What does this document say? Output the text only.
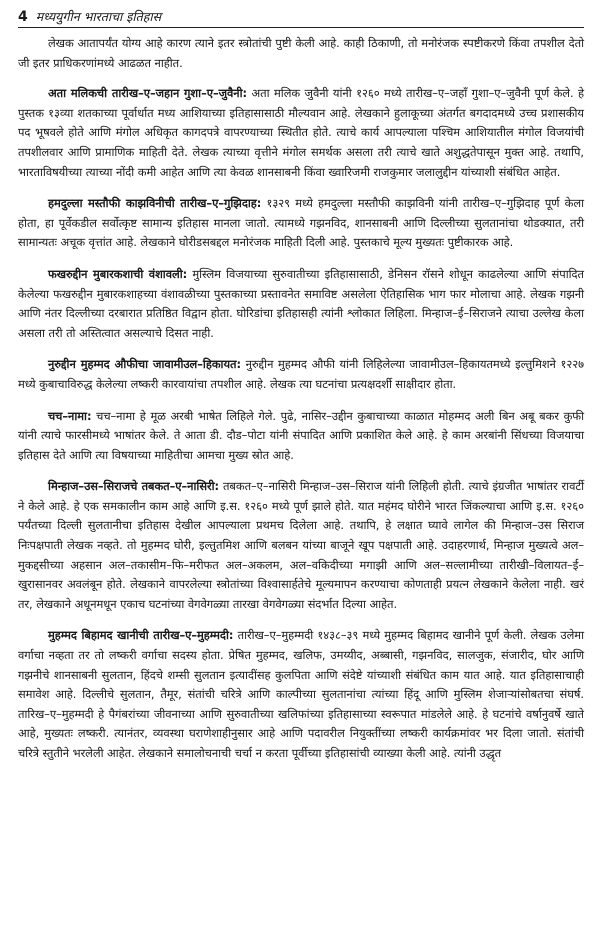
4 मध्ययुगीन भारताचा इतिहास

लेखक आतापर्यंत योग्य आहे कारण त्याने इतर स्त्रोतांची पुष्टी केली आहे. काही ठिकाणी, तो मनोरंजक स्पष्टीकरणे किंवा तपशील देतो जी इतर प्राधिकरणांमध्ये आढळत नाहीत.

अता मलिकची तारीख–ए–जहान गुशा–ए–जुवैनी: अता मलिक जुवैनी यांनी १२६० मध्ये तारीख–ए–जहाँ गुशा–ए–जुवैनी पूर्ण केले. हे पुस्तक १३व्या शतकाच्या पूर्वार्धात मध्य आशियाच्या इतिहासासाठी मौल्यवान आहे. लेखकाने हुलाकूच्या अंतर्गत बगदादमध्ये उच्च प्रशासकीय पद भूषवले होते आणि मंगोल अधिकृत कागदपत्रे वापरण्याच्या स्थितीत होते. त्याचे कार्य आपल्याला पश्चिम आशियातील मंगोल विजयांची तपशीलवार आणि प्रामाणिक माहिती देते. लेखक त्याच्या वृत्तीने मंगोल समर्थक असला तरी त्याचे खाते अशुद्धतेपासून मुक्त आहे. तथापि, भारताविषयीच्या त्याच्या नोंदी कमी आहेत आणि त्या केवळ शानसाबनी किंवा ख्वारिजमी राजकुमार जलालुद्दीन यांच्याशी संबंधित आहेत.

हमदुल्ला मस्तौफी काझविनीची तारीख–ए–गुझिदाह: १३२९ मध्ये हमदुल्ला मस्तौफी काझविनी यांनी तारीख–ए–गुझिदाह पूर्ण केला होता, हा पूर्वेकडील सर्वोत्कृष्ट सामान्य इतिहास मानला जातो. त्यामध्ये गझनविद, शानसाबनी आणि दिल्लीच्या सुलतानांचा थोडक्यात, तरी सामान्यतः अचूक वृत्तांत आहे. लेखकाने घोरीडसबद्दल मनोरंजक माहिती दिली आहे. पुस्तकाचे मूल्य मुख्यतः पुष्टीकारक आहे.

फखरुद्दीन मुबारकशाची वंशावली: मुस्लिम विजयाच्या सुरुवातीच्या इतिहासासाठी, डेनिसन रॉसने शोधून काढलेल्या आणि संपादित केलेल्या फखरुद्दीन मुबारकशाहच्या वंशावळीच्या पुस्तकाच्या प्रस्तावनेत समाविष्ट असलेला ऐतिहासिक भाग फार मोलाचा आहे. लेखक गझनी आणि नंतर दिल्लीच्या दरबारात प्रतिष्ठित विद्वान होता. घोरिडांचा इतिहासही त्यांनी श्लोकात लिहिला. मिन्हाज–ई–सिराजने त्याचा उल्लेख केला असला तरी तो अस्तित्वात असल्याचे दिसत नाही.

नुरुद्दीन मुहम्मद औफीचा जावामीउल–हिकायत: नुरुद्दीन मुहम्मद औफी यांनी लिहिलेल्या जावामीउल–हिकायतमध्ये इल्तुमिशने १२२७ मध्ये कुबाचाविरुद्ध केलेल्या लष्करी कारवायांचा तपशील आहे. लेखक त्या घटनांचा प्रत्यक्षदर्शी साक्षीदार होता.

चच–नामा: चच–नामा हे मूळ अरबी भाषेत लिहिले गेले. पुढे, नासिर–उद्दीन कुबाचाच्या काळात मोहम्मद अली बिन अबू बकर कुफी यांनी त्याचे फारसीमध्ये भाषांतर केले. ते आता डी. दौड–पोटा यांनी संपादित आणि प्रकाशित केले आहे. हे काम अरबांनी सिंधच्या विजयाचा इतिहास देते आणि त्या विषयाच्या माहितीचा आमचा मुख्य स्रोत आहे.

मिन्हाज–उस–सिराजचे तबकत–ए–नासिरी: तबकत–ए–नासिरी मिन्हाज–उस–सिराज यांनी लिहिली होती. त्याचे इंग्रजीत भाषांतर रावर्टी ने केले आहे. हे एक समकालीन काम आहे आणि इ.स. १२६० मध्ये पूर्ण झाले होते. यात महंमद घोरीने भारत जिंकल्याचा आणि इ.स. १२६० पर्यंतच्या दिल्ली सुलतानीचा इतिहास देखील आपल्याला प्रथमच दिलेला आहे. तथापि, हे लक्षात घ्यावे लागेल की मिन्हाज–उस सिराज निःपक्षपाती लेखक नव्हते. तो मुहम्मद घोरी, इल्तुतमिश आणि बलबन यांच्या बाजूने खूप पक्षपाती आहे. उदाहरणार्थ, मिन्हाज मुख्यत्वे अल–मुकद्दसीच्या अहसान अल–तकासीम–फि–मरीफत अल–अकलम, अल–वकिदीच्या मगाझी आणि अल–सल्लामीच्या तारीखी–विलायत–ई–खुरासानवर अवलंबून होते. लेखकाने वापरलेल्या स्त्रोतांच्या विश्वासार्हतेचे मूल्यमापन करण्याचा कोणताही प्रयत्न लेखकाने केलेला नाही. खरं तर, लेखकाने अधूनमधून एकाच घटनांच्या वेगवेगळ्या तारखा वेगवेगळ्या संदर्भात दिल्या आहेत.

मुहम्मद बिहामद खानीची तारीख–ए–मुहम्मदी: तारीख–ए–मुहम्मदी १४३८–३९ मध्ये मुहम्मद बिहामद खानीने पूर्ण केली. लेखक उलेमा वर्गाचा नव्हता तर तो लष्करी वर्गाचा सदस्य होता. प्रेषित मुहम्मद, खलिफ, उमय्यीद, अब्बासी, गझनविद, सालजुक, संजारीद, घोर आणि गझनीचे शानसाबनी सुलतान, हिंदचे शम्सी सुलतान इत्यादींसह कुलपिता आणि संदेष्टे यांच्याशी संबंधित काम यात आहे. यात इतिहासाचाही समावेश आहे. दिल्लीचे सुलतान, तैमूर, संतांची चरित्रे आणि काल्पीच्या सुलतानांचा त्यांच्या हिंदू आणि मुस्लिम शेजाऱ्यांसोबतचा संघर्ष. तारिख–ए–मुहम्मदी हे पैगंबरांच्या जीवनाच्या आणि सुरुवातीच्या खलिफांच्या इतिहासाच्या स्वरूपात मांडलेले आहे. हे घटनांचे वर्षानुवर्षे खाते आहे, मुख्यतः लष्करी. त्यानंतर, व्यवस्था घराणेशाहीनुसार आहे आणि पदावरील नियुक्तींच्या लष्करी कार्यक्रमांवर भर दिला जातो. संतांची चरित्रे स्तुतीने भरलेली आहेत. लेखकाने समालोचनाची चर्चा न करता पूर्वीच्या इतिहासांची व्याख्या केली आहे. त्यांनी उद्धृत
